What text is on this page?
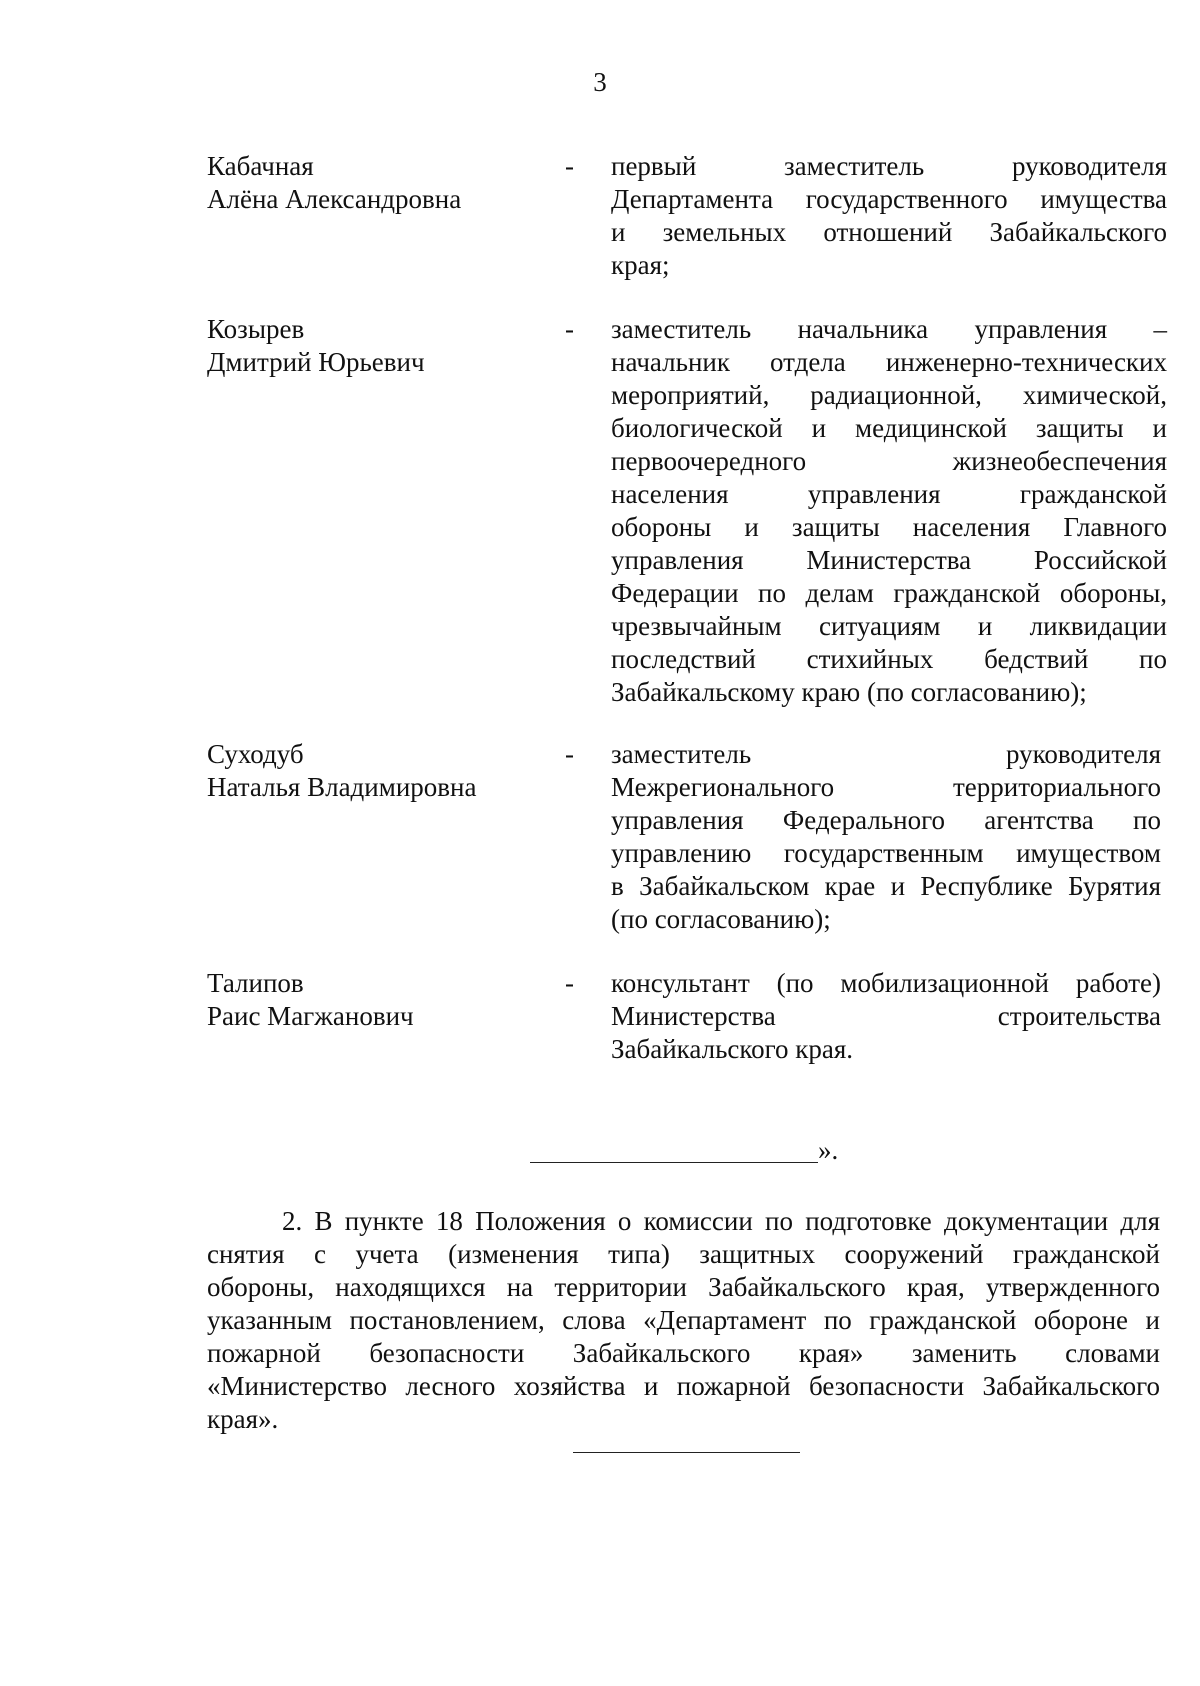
3
Кабачная
Алёна Александровна
- первый заместитель руководителя
Департамента государственного имущества
и земельных отношений Забайкальского
края;
Козырев
Дмитрий Юрьевич
- заместитель начальника управления –
начальник отдела инженерно-технических
мероприятий, радиационной, химической,
биологической и медицинской защиты и
первоочередного жизнеобеспечения
населения управления гражданской
обороны и защиты населения Главного
управления Министерства Российской
Федерации по делам гражданской обороны,
чрезвычайным ситуациям и ликвидации
последствий стихийных бедствий по
Забайкальскому краю (по согласованию);
Суходуб
Наталья Владимировна
- заместитель руководителя
Межрегионального территориального
управления Федерального агентства по
управлению государственным имуществом
в Забайкальском крае и Республике Бурятия
(по согласованию);
Талипов
Раис Магжанович
- консультант (по мобилизационной работе)
Министерства строительства
Забайкальского края.
».
2. В пункте 18 Положения о комиссии по подготовке документации для
снятия с учета (изменения типа) защитных сооружений гражданской
обороны, находящихся на территории Забайкальского края, утвержденного
указанным постановлением, слова «Департамент по гражданской обороне и
пожарной безопасности Забайкальского края» заменить словами
«Министерство лесного хозяйства и пожарной безопасности Забайкальского
края».
